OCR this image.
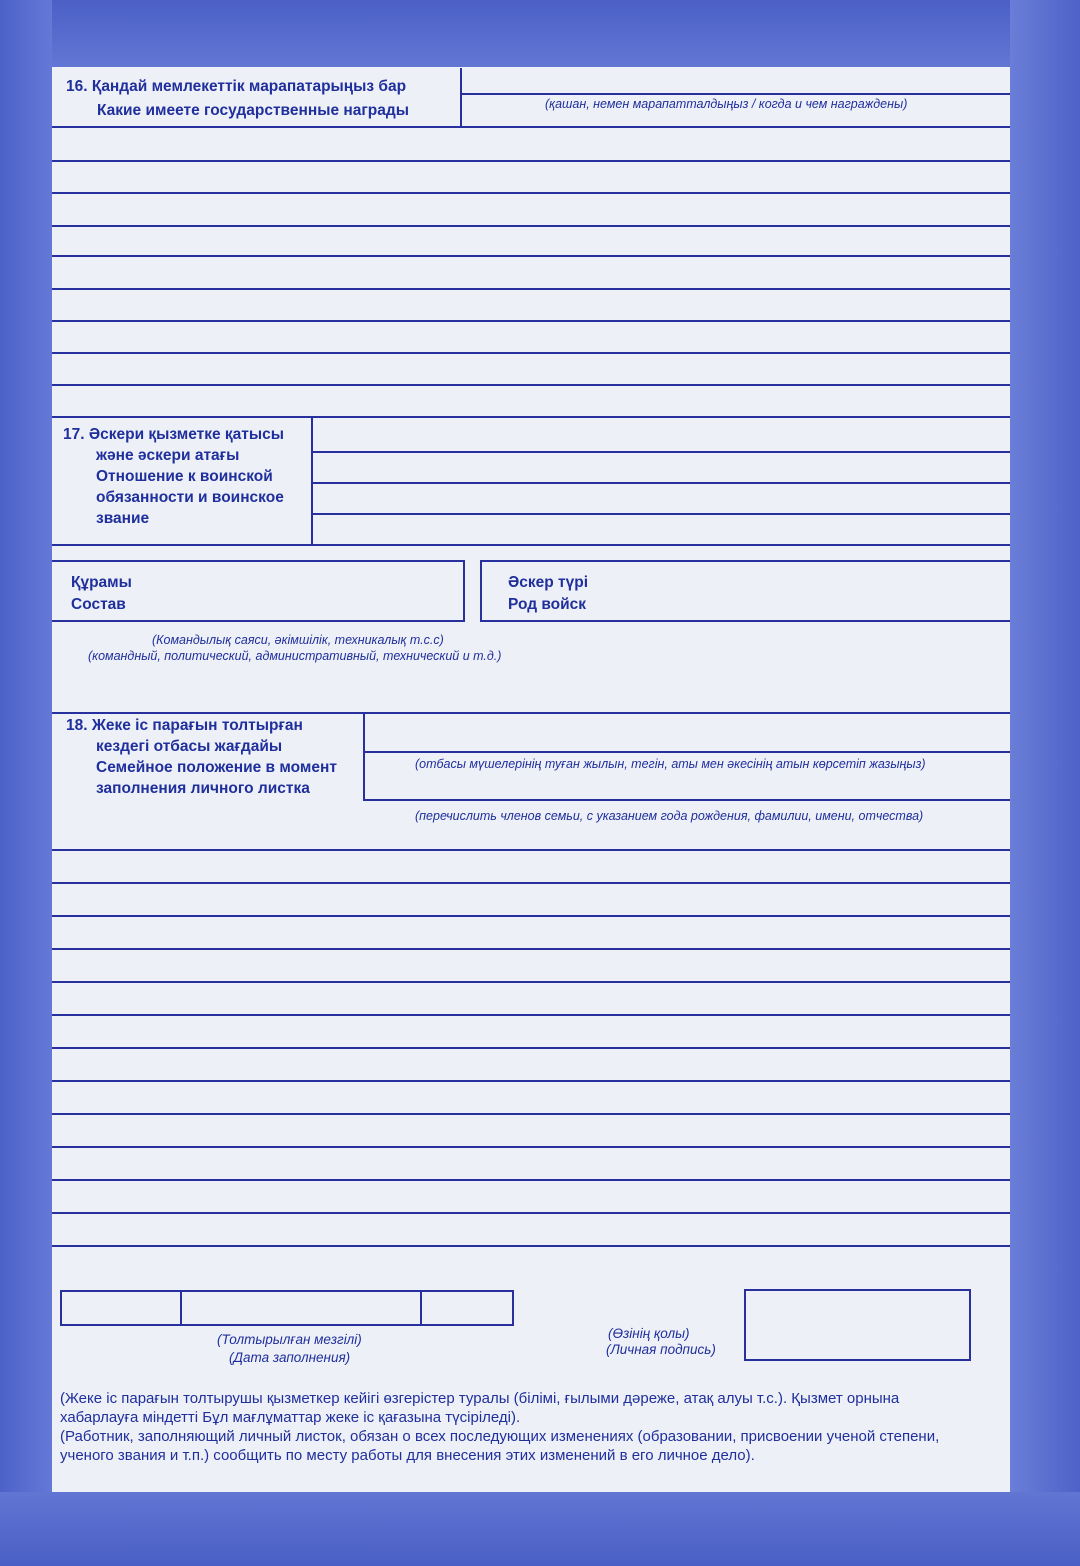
16. Қандай мемлекеттік марапатарыңыз бар
Какие имеете государственные награды	(қашан, немен марапатталдыңыз / когда и чем награждены)
17. Әскери қызметке қатысы
және әскери атағы
Отношение к воинской
обязанности и воинское
звание
Құрамы
Состав
Әскер түрі
Род войск
(Командылық саяси, әкімшілік, техникалық т.с.с)
(командный, политический, административный, технический и т.д.)
18. Жеке іс парағын толтырған
кездегі отбасы жағдайы
Семейное положение в момент
заполнения личного листка
(отбасы мүшелерінің туған жылын, тегін, аты мен әкесінің атын көрсетіп жазыңыз)
(перечислить членов семьи, с указанием года рождения, фамилии, имени, отчества)
(Толтырылған мезгілі)
(Дата заполнения)
(Өзінің қолы)
(Личная подпись)
(Жеке іс парағын толтырушы қызметкер кейігі өзгерістер туралы (білімі, ғылыми дәреже, атақ алуы т.с.). Қызмет орнына хабарлауға міндетті Бұл мағлұматтар жеке іс қағазына түсіріледі).
(Работник, заполняющий личный листок, обязан о всех последующих изменениях (образовании, присвоении ученой степени, ученого звания и т.п.) сообщить по месту работы для внесения этих изменений в его личное дело).
